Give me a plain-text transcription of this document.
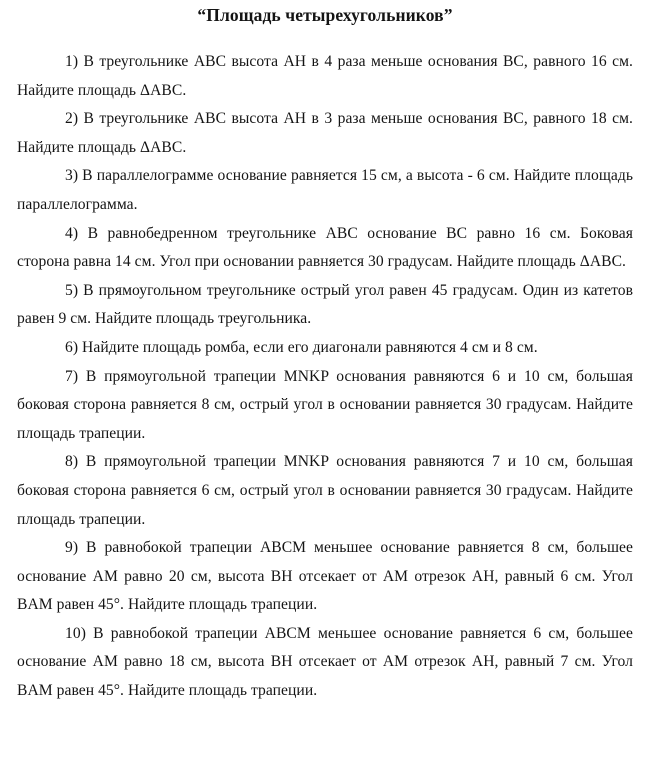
“Площадь четырехугольников”

1) В треугольнике ABC высота AH в 4 раза меньше основания BC, равного 16 см. Найдите площадь ΔABC.

2) В треугольнике ABC высота AH в 3 раза меньше основания BC, равного 18 см. Найдите площадь ΔABC.

3) В параллелограмме основание равняется 15 см, а высота - 6 см. Найдите площадь параллелограмма.

4) В равнобедренном треугольнике ABC основание BC равно 16 см. Боковая сторона равна 14 см. Угол при основании равняется 30 градусам. Найдите площадь ΔABC.

5) В прямоугольном треугольнике острый угол равен 45 градусам. Один из катетов равен 9 см. Найдите площадь треугольника.

6) Найдите площадь ромба, если его диагонали равняются 4 см и 8 см.

7) В прямоугольной трапеции MNKP основания равняются 6 и 10 см, большая боковая сторона равняется 8 см, острый угол в основании равняется 30 градусам. Найдите площадь трапеции.

8) В прямоугольной трапеции MNKP основания равняются 7 и 10 см, большая боковая сторона равняется 6 см, острый угол в основании равняется 30 градусам. Найдите площадь трапеции.

9) В равнобокой трапеции ABCM меньшее основание равняется 8 см, большее основание AM равно 20 см, высота BH отсекает от AM отрезок AH, равный 6 см. Угол BAM равен 45°. Найдите площадь трапеции.

10) В равнобокой трапеции ABCM меньшее основание равняется 6 см, большее основание AM равно 18 см, высота BH отсекает от AM отрезок AH, равный 7 см. Угол BAM равен 45°. Найдите площадь трапеции.
